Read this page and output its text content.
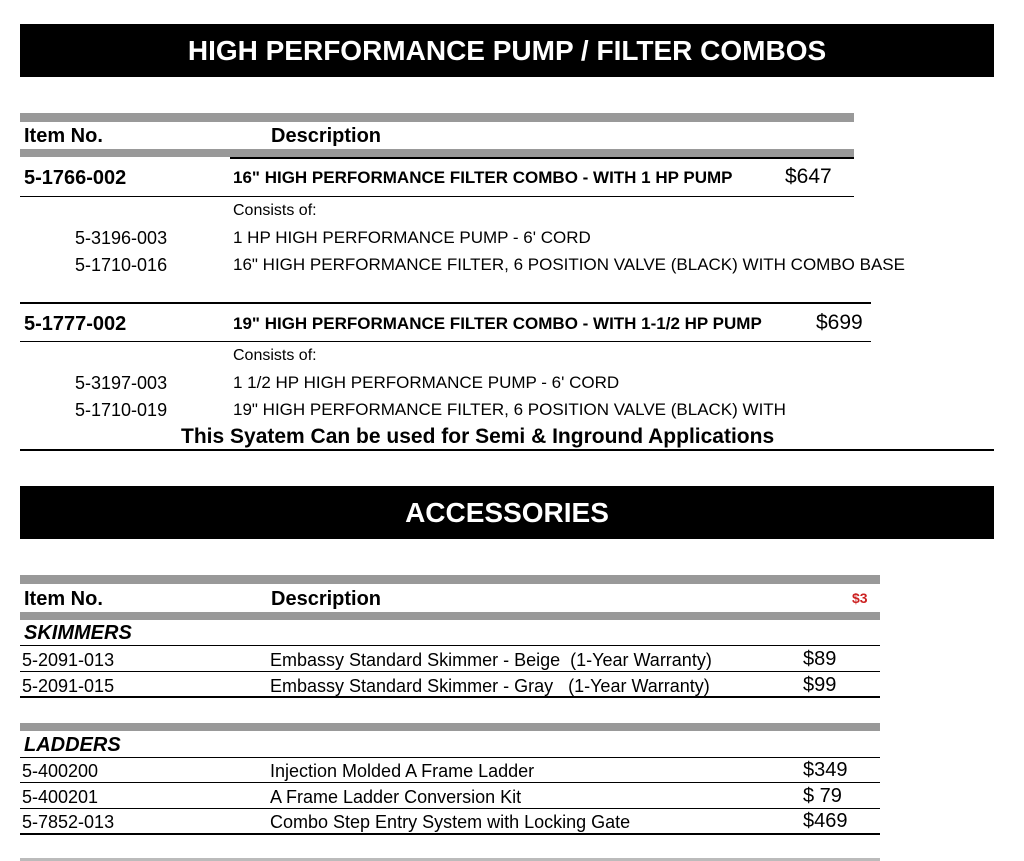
HIGH PERFORMANCE PUMP / FILTER COMBOS
Item No.	Description
5-1766-002	16" HIGH PERFORMANCE FILTER COMBO - WITH 1 HP PUMP $647
Consists of:
5-3196-003	1 HP HIGH PERFORMANCE PUMP - 6' CORD
5-1710-016	16" HIGH PERFORMANCE FILTER, 6 POSITION VALVE (BLACK) WITH COMBO BASE
5-1777-002	19" HIGH PERFORMANCE FILTER COMBO - WITH 1-1/2 HP PUMP	$699
Consists of:
5-3197-003	1 1/2 HP HIGH PERFORMANCE PUMP - 6' CORD
5-1710-019	19" HIGH PERFORMANCE FILTER, 6 POSITION VALVE (BLACK) WITH
This Syatem Can be used for Semi & Inground Applications
ACCESSORIES
Item No.	Description	$3
SKIMMERS
5-2091-013	Embassy Standard Skimmer - Beige  (1-Year Warranty)	$89
5-2091-015	Embassy Standard Skimmer - Gray   (1-Year Warranty)	$99
LADDERS
5-400200	Injection Molded A Frame Ladder	$349
5-400201	A Frame Ladder Conversion Kit	$ 79
5-7852-013	Combo Step Entry System with Locking Gate	$469
